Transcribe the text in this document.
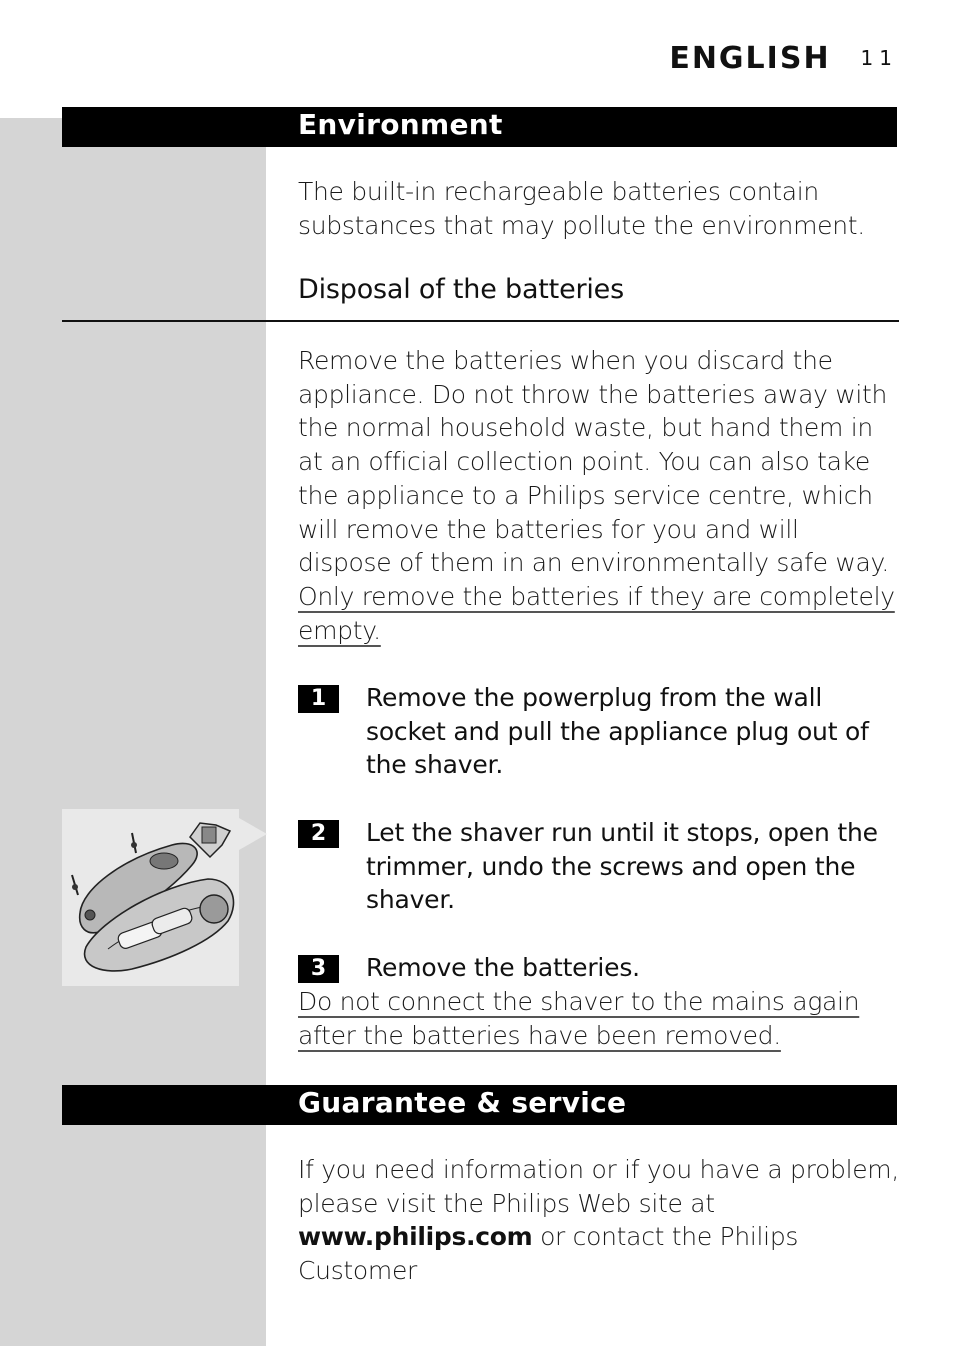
ENGLISH 11
Environment
The built-in rechargeable batteries contain substances that may pollute the environment.
Disposal of the batteries
Remove the batteries when you discard the appliance. Do not throw the batteries away with the normal household waste, but hand them in at an official collection point. You can also take the appliance to a Philips service centre, which will remove the batteries for you and will dispose of them in an environmentally safe way.
Only remove the batteries if they are completely empty.
1	Remove the powerplug from the wall socket and pull the appliance plug out of the shaver.
2	Let the shaver run until it stops, open the trimmer, undo the screws and open the shaver.
3	Remove the batteries.
Do not connect the shaver to the mains again after the batteries have been removed.
Guarantee & service
If you need information or if you have a problem, please visit the Philips Web site at www.philips.com or contact the Philips Customer
